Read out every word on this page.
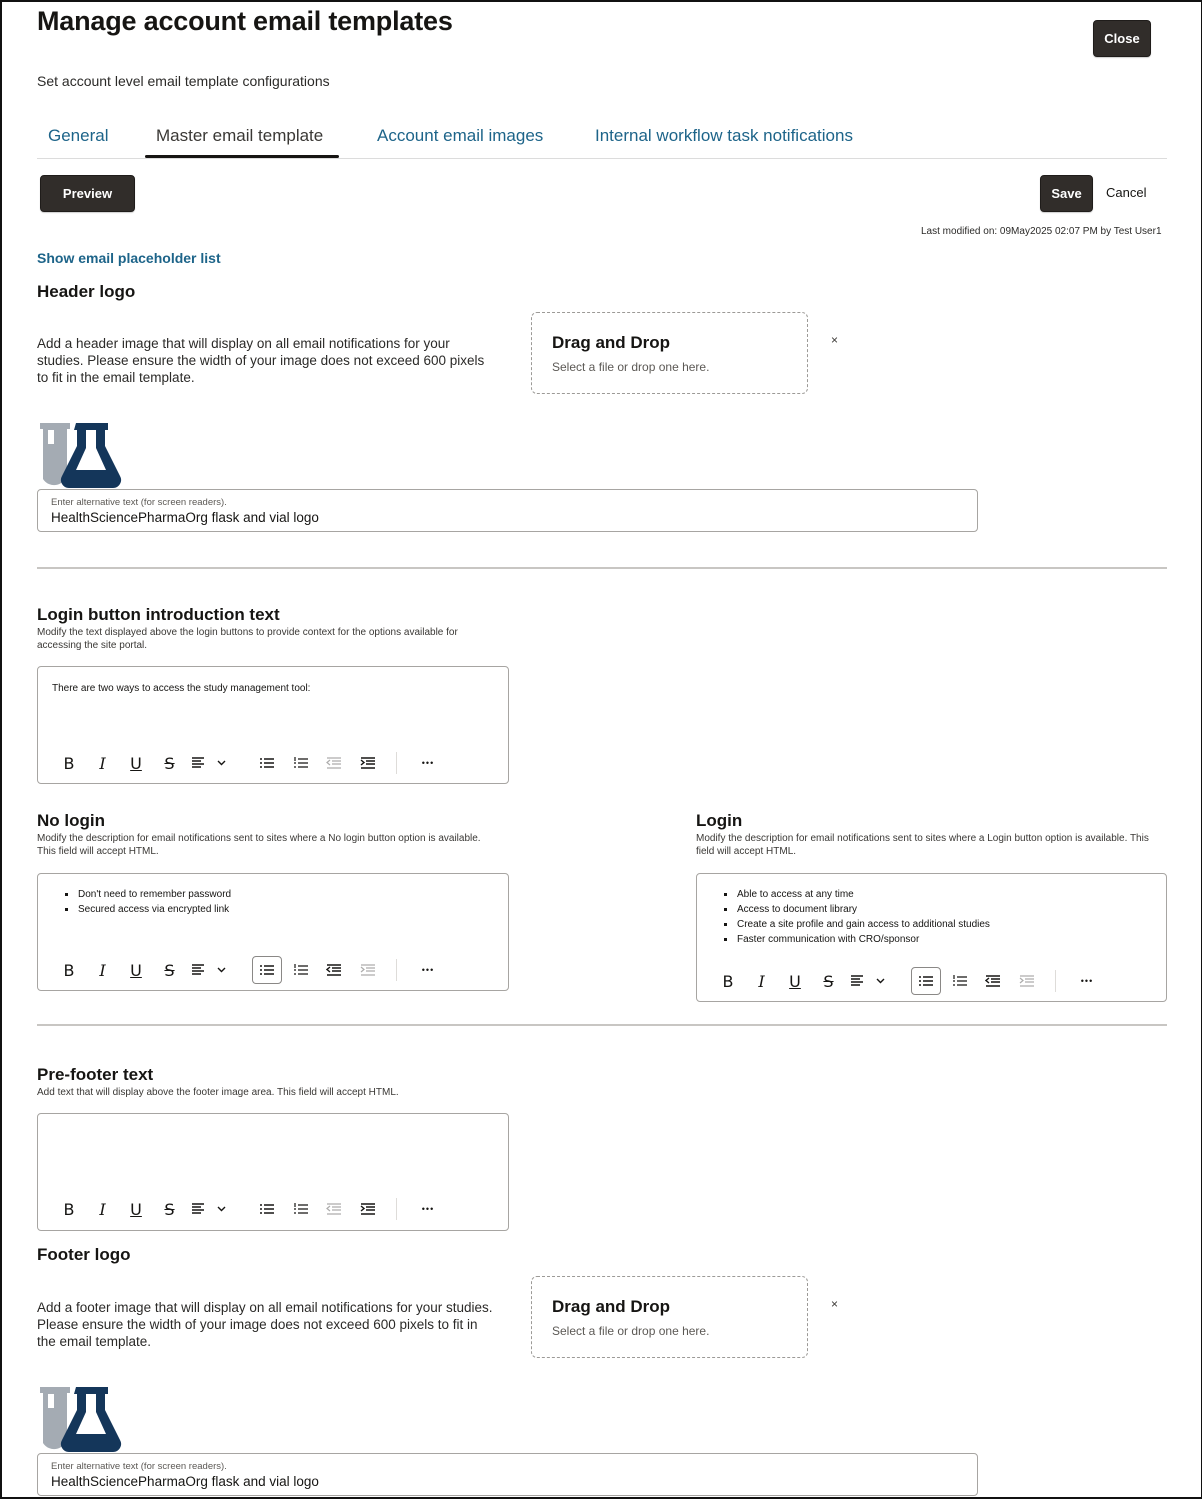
Manage account email templates
Set account level email template configurations
Close
General	Master email template	Account email images	Internal workflow task notifications
Preview	Save	Cancel
Last modified on: 09May2025 02:07 PM by Test User1
Show email placeholder list
Header logo
Add a header image that will display on all email notifications for your studies. Please ensure the width of your image does not exceed 600 pixels to fit in the email template.
Drag and Drop
Select a file or drop one here.
×
Enter alternative text (for screen readers).
HealthSciencePharmaOrg flask and vial logo
Login button introduction text
Modify the text displayed above the login buttons to provide context for the options available for accessing the site portal.
There are two ways to access the study management tool:
B I U S	•••
No login
Modify the description for email notifications sent to sites where a No login button option is available. This field will accept HTML.
Don't need to remember password
Secured access via encrypted link
B I U S	•••
Login
Modify the description for email notifications sent to sites where a Login button option is available. This field will accept HTML.
Able to access at any time
Access to document library
Create a site profile and gain access to additional studies
Faster communication with CRO/sponsor
B I U S	•••
Pre-footer text
Add text that will display above the footer image area. This field will accept HTML.
B I U S	•••
Footer logo
Add a footer image that will display on all email notifications for your studies. Please ensure the width of your image does not exceed 600 pixels to fit in the email template.
Drag and Drop
Select a file or drop one here.
×
Enter alternative text (for screen readers).
HealthSciencePharmaOrg flask and vial logo
